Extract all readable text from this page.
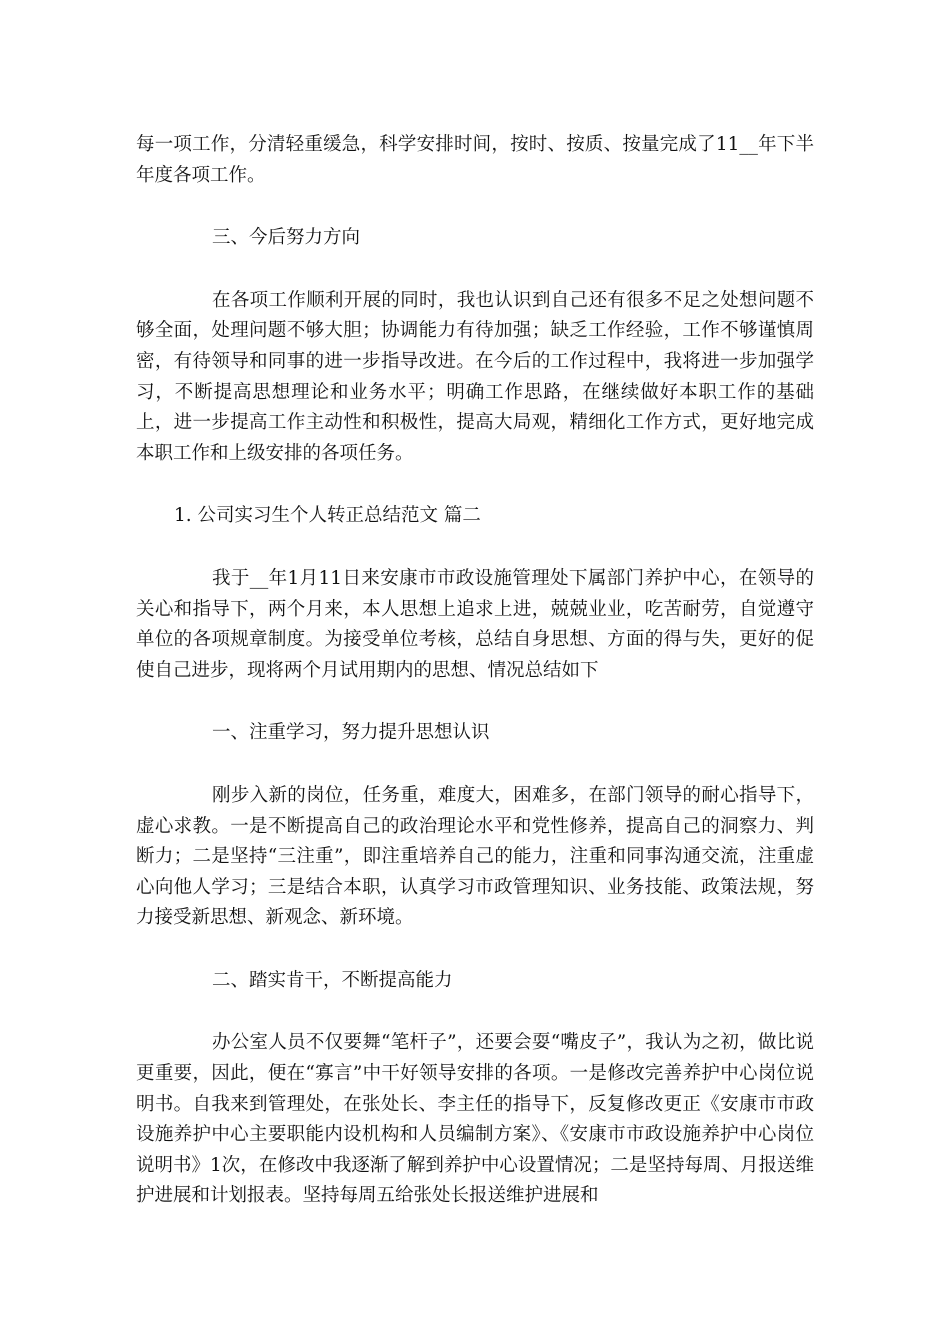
每一项工作，分清轻重缓急，科学安排时间，按时、按质、按量完成了11__年下半年度各项工作。

三、今后努力方向

在各项工作顺利开展的同时，我也认识到自己还有很多不足之处想问题不够全面，处理问题不够大胆；协调能力有待加强；缺乏工作经验，工作不够谨慎周密，有待领导和同事的进一步指导改进。在今后的工作过程中，我将进一步加强学习，不断提高思想理论和业务水平；明确工作思路，在继续做好本职工作的基础上，进一步提高工作主动性和积极性，提高大局观，精细化工作方式，更好地完成本职工作和上级安排的各项任务。

1. 公司实习生个人转正总结范文 篇二

我于__年1月11日来安康市市政设施管理处下属部门养护中心，在领导的关心和指导下，两个月来，本人思想上追求上进，兢兢业业，吃苦耐劳，自觉遵守单位的各项规章制度。为接受单位考核，总结自身思想、方面的得与失，更好的促使自己进步，现将两个月试用期内的思想、情况总结如下

一、注重学习，努力提升思想认识

刚步入新的岗位，任务重，难度大，困难多，在部门领导的耐心指导下，虚心求教。一是不断提高自己的政治理论水平和党性修养，提高自己的洞察力、判断力；二是坚持“三注重”，即注重培养自己的能力，注重和同事沟通交流，注重虚心向他人学习；三是结合本职，认真学习市政管理知识、业务技能、政策法规，努力接受新思想、新观念、新环境。

二、踏实肯干，不断提高能力

办公室人员不仅要舞“笔杆子”，还要会耍“嘴皮子”，我认为之初，做比说更重要，因此，便在“寡言”中干好领导安排的各项。一是修改完善养护中心岗位说明书。自我来到管理处，在张处长、李主任的指导下，反复修改更正《安康市市政设施养护中心主要职能内设机构和人员编制方案》、《安康市市政设施养护中心岗位说明书》1次，在修改中我逐渐了解到养护中心设置情况；二是坚持每周、月报送维护进展和计划报表。坚持每周五给张处长报送维护进展和
